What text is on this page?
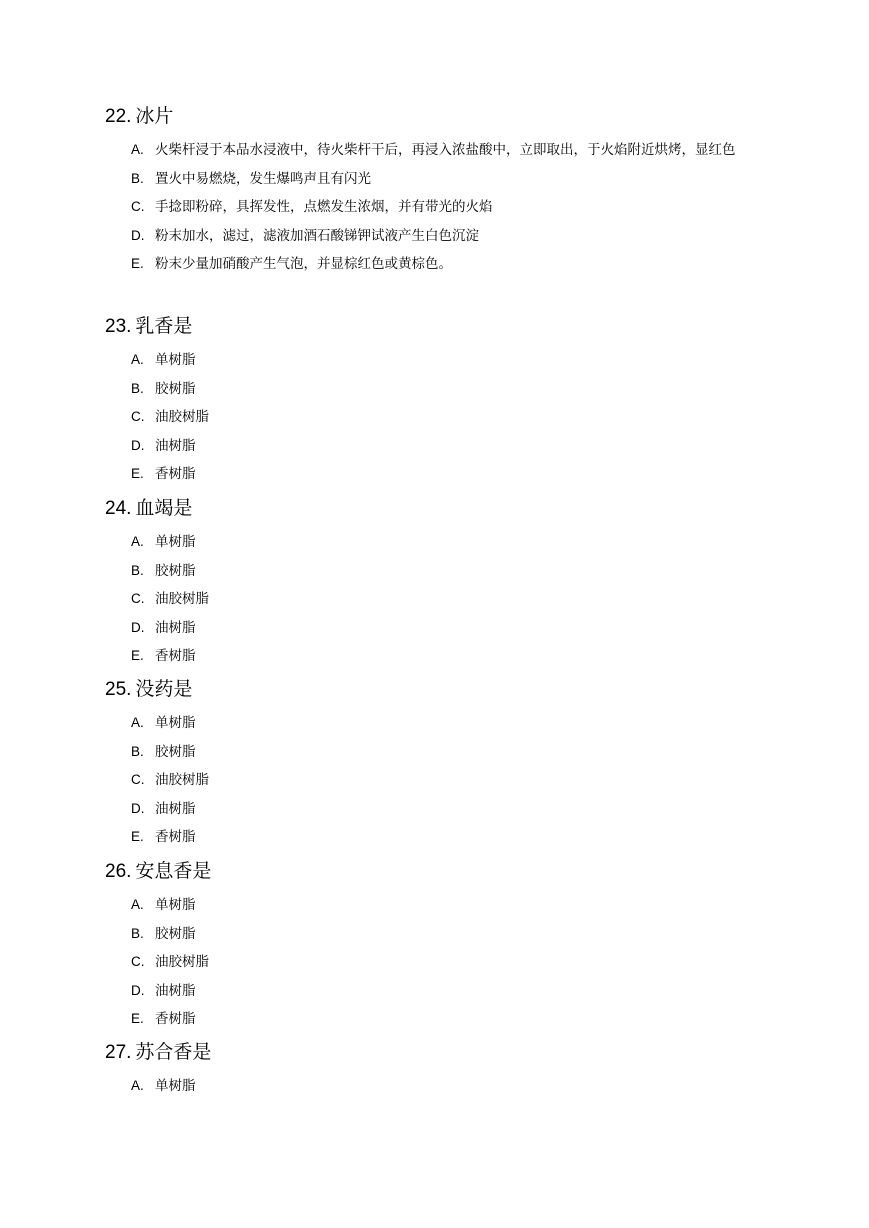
22. 冰片
A. 火柴杆浸于本品水浸液中，待火柴杆干后，再浸入浓盐酸中，立即取出，于火焰附近烘烤，显红色
B. 置火中易燃烧，发生爆鸣声且有闪光
C. 手捻即粉碎，具挥发性，点燃发生浓烟，并有带光的火焰
D. 粉末加水，滤过，滤液加酒石酸锑钾试液产生白色沉淀
E. 粉末少量加硝酸产生气泡，并显棕红色或黄棕色。
23. 乳香是
A. 单树脂
B. 胶树脂
C. 油胶树脂
D. 油树脂
E. 香树脂
24. 血竭是
A. 单树脂
B. 胶树脂
C. 油胶树脂
D. 油树脂
E. 香树脂
25. 没药是
A. 单树脂
B. 胶树脂
C. 油胶树脂
D. 油树脂
E. 香树脂
26. 安息香是
A. 单树脂
B. 胶树脂
C. 油胶树脂
D. 油树脂
E. 香树脂
27. 苏合香是
A. 单树脂
